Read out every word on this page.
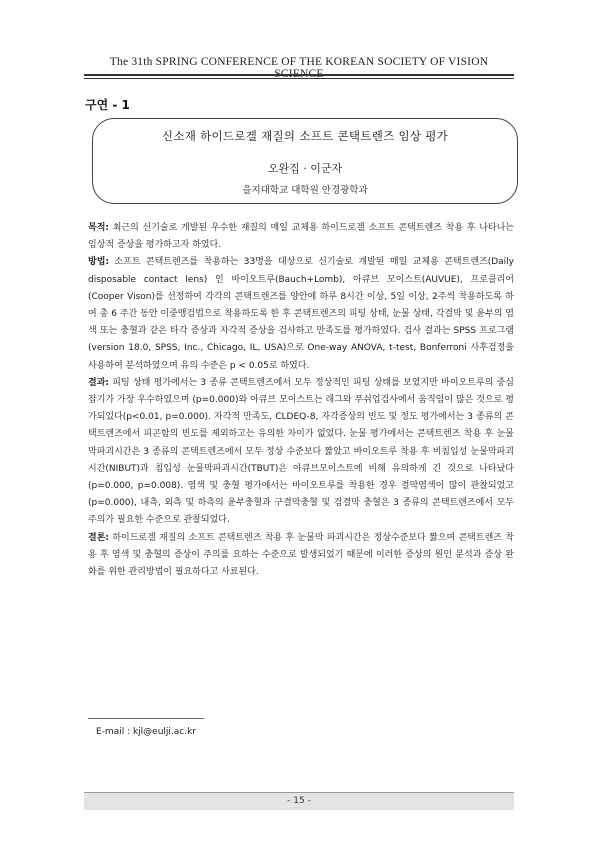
The 31th SPRING CONFERENCE OF THE KOREAN SOCIETY OF VISION
구연 - 1
신소재 하이드로겔 재질의 소프트 콘택트렌즈 임상 평가
오완집 · 이군자
을지대학교 대학원 안경광학과

목적: 최근의 신기술로 개발된 우수한 재질의 매일 교체용 하이드로겔 소프트 콘택트렌즈 착용 후 나타나는 임상적 증상을 평가하고자 하였다.

방법: 소프트 콘택트렌즈를 착용하는 33명을 대상으로 신기술로 개발된 매일 교체용 콘택트렌즈(Daily disposable contact lens) 인 바이오트루(Bauch+Lomb), 아큐브 모이스트(AUVUE), 프로클리어(Cooper Vison)를 선정하여 각각의 콘택트렌즈를 양안에 하루 8시간 이상, 5일 이상, 2주씩 착용하도록 하여 총 6 주간 동안 이중맹검법으로 착용하도록 한 후 콘택트렌즈의 피팅 상태, 눈물 상태, 각결막 및 윤부의 염색 또는 충혈과 같은 타각 증상과 자각적 증상을 검사하고 만족도를 평가하였다. 검사 결과는 SPSS 프로그램(version 18.0, SPSS, Inc., Chicago, IL, USA)으로 One-way ANOVA, t-test, Bonferroni 사후검정을 사용하여 분석하였으며 유의 수준은 p < 0.05로 하였다.

결과: 피팅 상태 평가에서는 3 종류 콘택트렌즈에서 모두 정상적인 피팅 상태를 보였지만 바이오트루의 중심잡기가 가장 우수하였으며 (p=0.000)와 아큐브 모이스트는 래그와 푸쉬업검사에서 움직임이 많은 것으로 평가되었다(p<0.01, p=0.000). 자각적 만족도, CLDEQ-8, 자각증상의 빈도 및 정도 평가에서는 3 종류의 콘택트렌즈에서 피곤함의 빈도를 제외하고는 유의한 차이가 없었다. 눈물 평가에서는 콘택트렌즈 착용 후 눈물막파괴시간은 3 종류의 콘택트렌즈에서 모두 정상 수준보다 짧았고 바이오트루 착용 후 비침입성 눈물막파괴시간(NIBUT)과 침입성 눈물막파괴시간(TBUT)은 아큐브모이스트에 비해 유의하게 긴 것으로 나타났다(p=0.000, p=0.008). 염색 및 충혈 평가에서는 바이오트루를 착용한 경우 결막염색이 많이 관찰되었고(p=0.000), 내측, 외측 및 하측의 윤부충혈과 구결막충혈 및 검결막 충혈은 3 종류의 콘택트렌즈에서 모두 주의가 필요한 수준으로 관찰되었다.

결론: 하이드로겔 재질의 소프트 콘택트렌즈 착용 후 눈물막 파괴시간은 정상수준보다 짧으며 콘택트렌즈 착용 후 염색 및 충혈의 증상이 주의를 요하는 수준으로 발생되었기 때문에 이러한 증상의 원인 분석과 증상 완화를 위한 관리방법이 필요하다고 사료된다.

E-mail : kjl@eulji.ac.kr
- 15 -
